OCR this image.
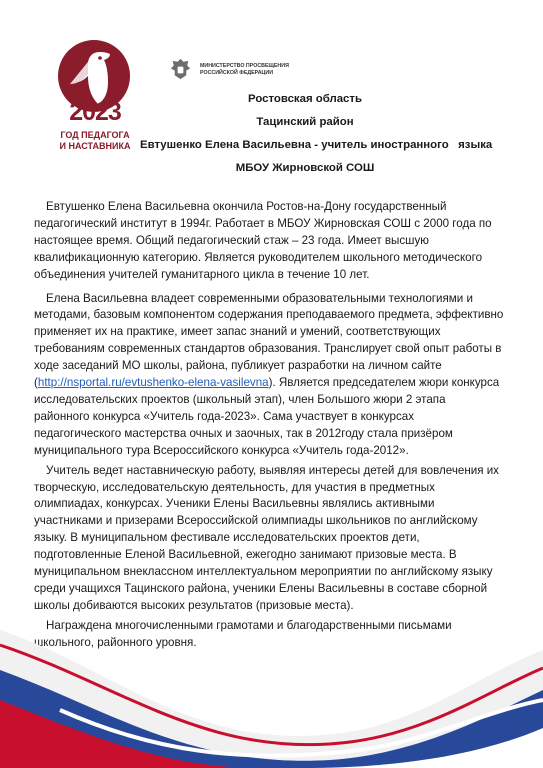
2023
ГОД ПЕДАГОГА
И НАСТАВНИКА
МИНИСТЕРСТВО ПРОСВЕЩЕНИЯ
РОССИЙСКОЙ ФЕДЕРАЦИИ
Ростовская область
Тацинский район
Евтушенко Елена Васильевна - учитель иностранного   языка
МБОУ Жирновской СОШ

Евтушенко Елена Васильевна окончила Ростов-на-Дону государственный педагогический институт в 1994г. Работает в МБОУ Жирновская СОШ с 2000 года по настоящее время. Общий педагогический стаж – 23 года. Имеет высшую квалификационную категорию. Является руководителем школьного методического объединения учителей гуманитарного цикла в течение 10 лет.

Елена Васильевна владеет современными образовательными технологиями и методами, базовым компонентом содержания преподаваемого предмета, эффективно применяет их на практике, имеет запас знаний и умений, соответствующих требованиям современных стандартов образования. Транслирует свой опыт работы в ходе заседаний МО школы, района, публикует разработки на личном сайте (http://nsportal.ru/evtushenko-elena-vasilevna). Является председателем жюри конкурса исследовательских проектов (школьный этап), член Большого жюри 2 этапа районного конкурса «Учитель года-2023». Сама участвует в конкурсах педагогического мастерства очных и заочных, так в 2012году стала призёром муниципального тура Всероссийского конкурса «Учитель года-2012».

Учитель ведет наставническую работу, выявляя интересы детей для вовлечения их творческую, исследовательскую деятельность, для участия в предметных олимпиадах, конкурсах. Ученики Елены Васильевны являлись активными участниками и призерами Всероссийской олимпиады школьников по английскому языку. В муниципальном фестивале исследовательских проектов дети, подготовленные Еленой Васильевной, ежегодно занимают призовые места. В муниципальном внеклассном интеллектуальном мероприятии по английскому языку среди учащихся Тацинского района, ученики Елены Васильевны в составе сборной школы добиваются высоких результатов (призовые места).

Награждена многочисленными грамотами и благодарственными письмами школьного, районного уровня.
